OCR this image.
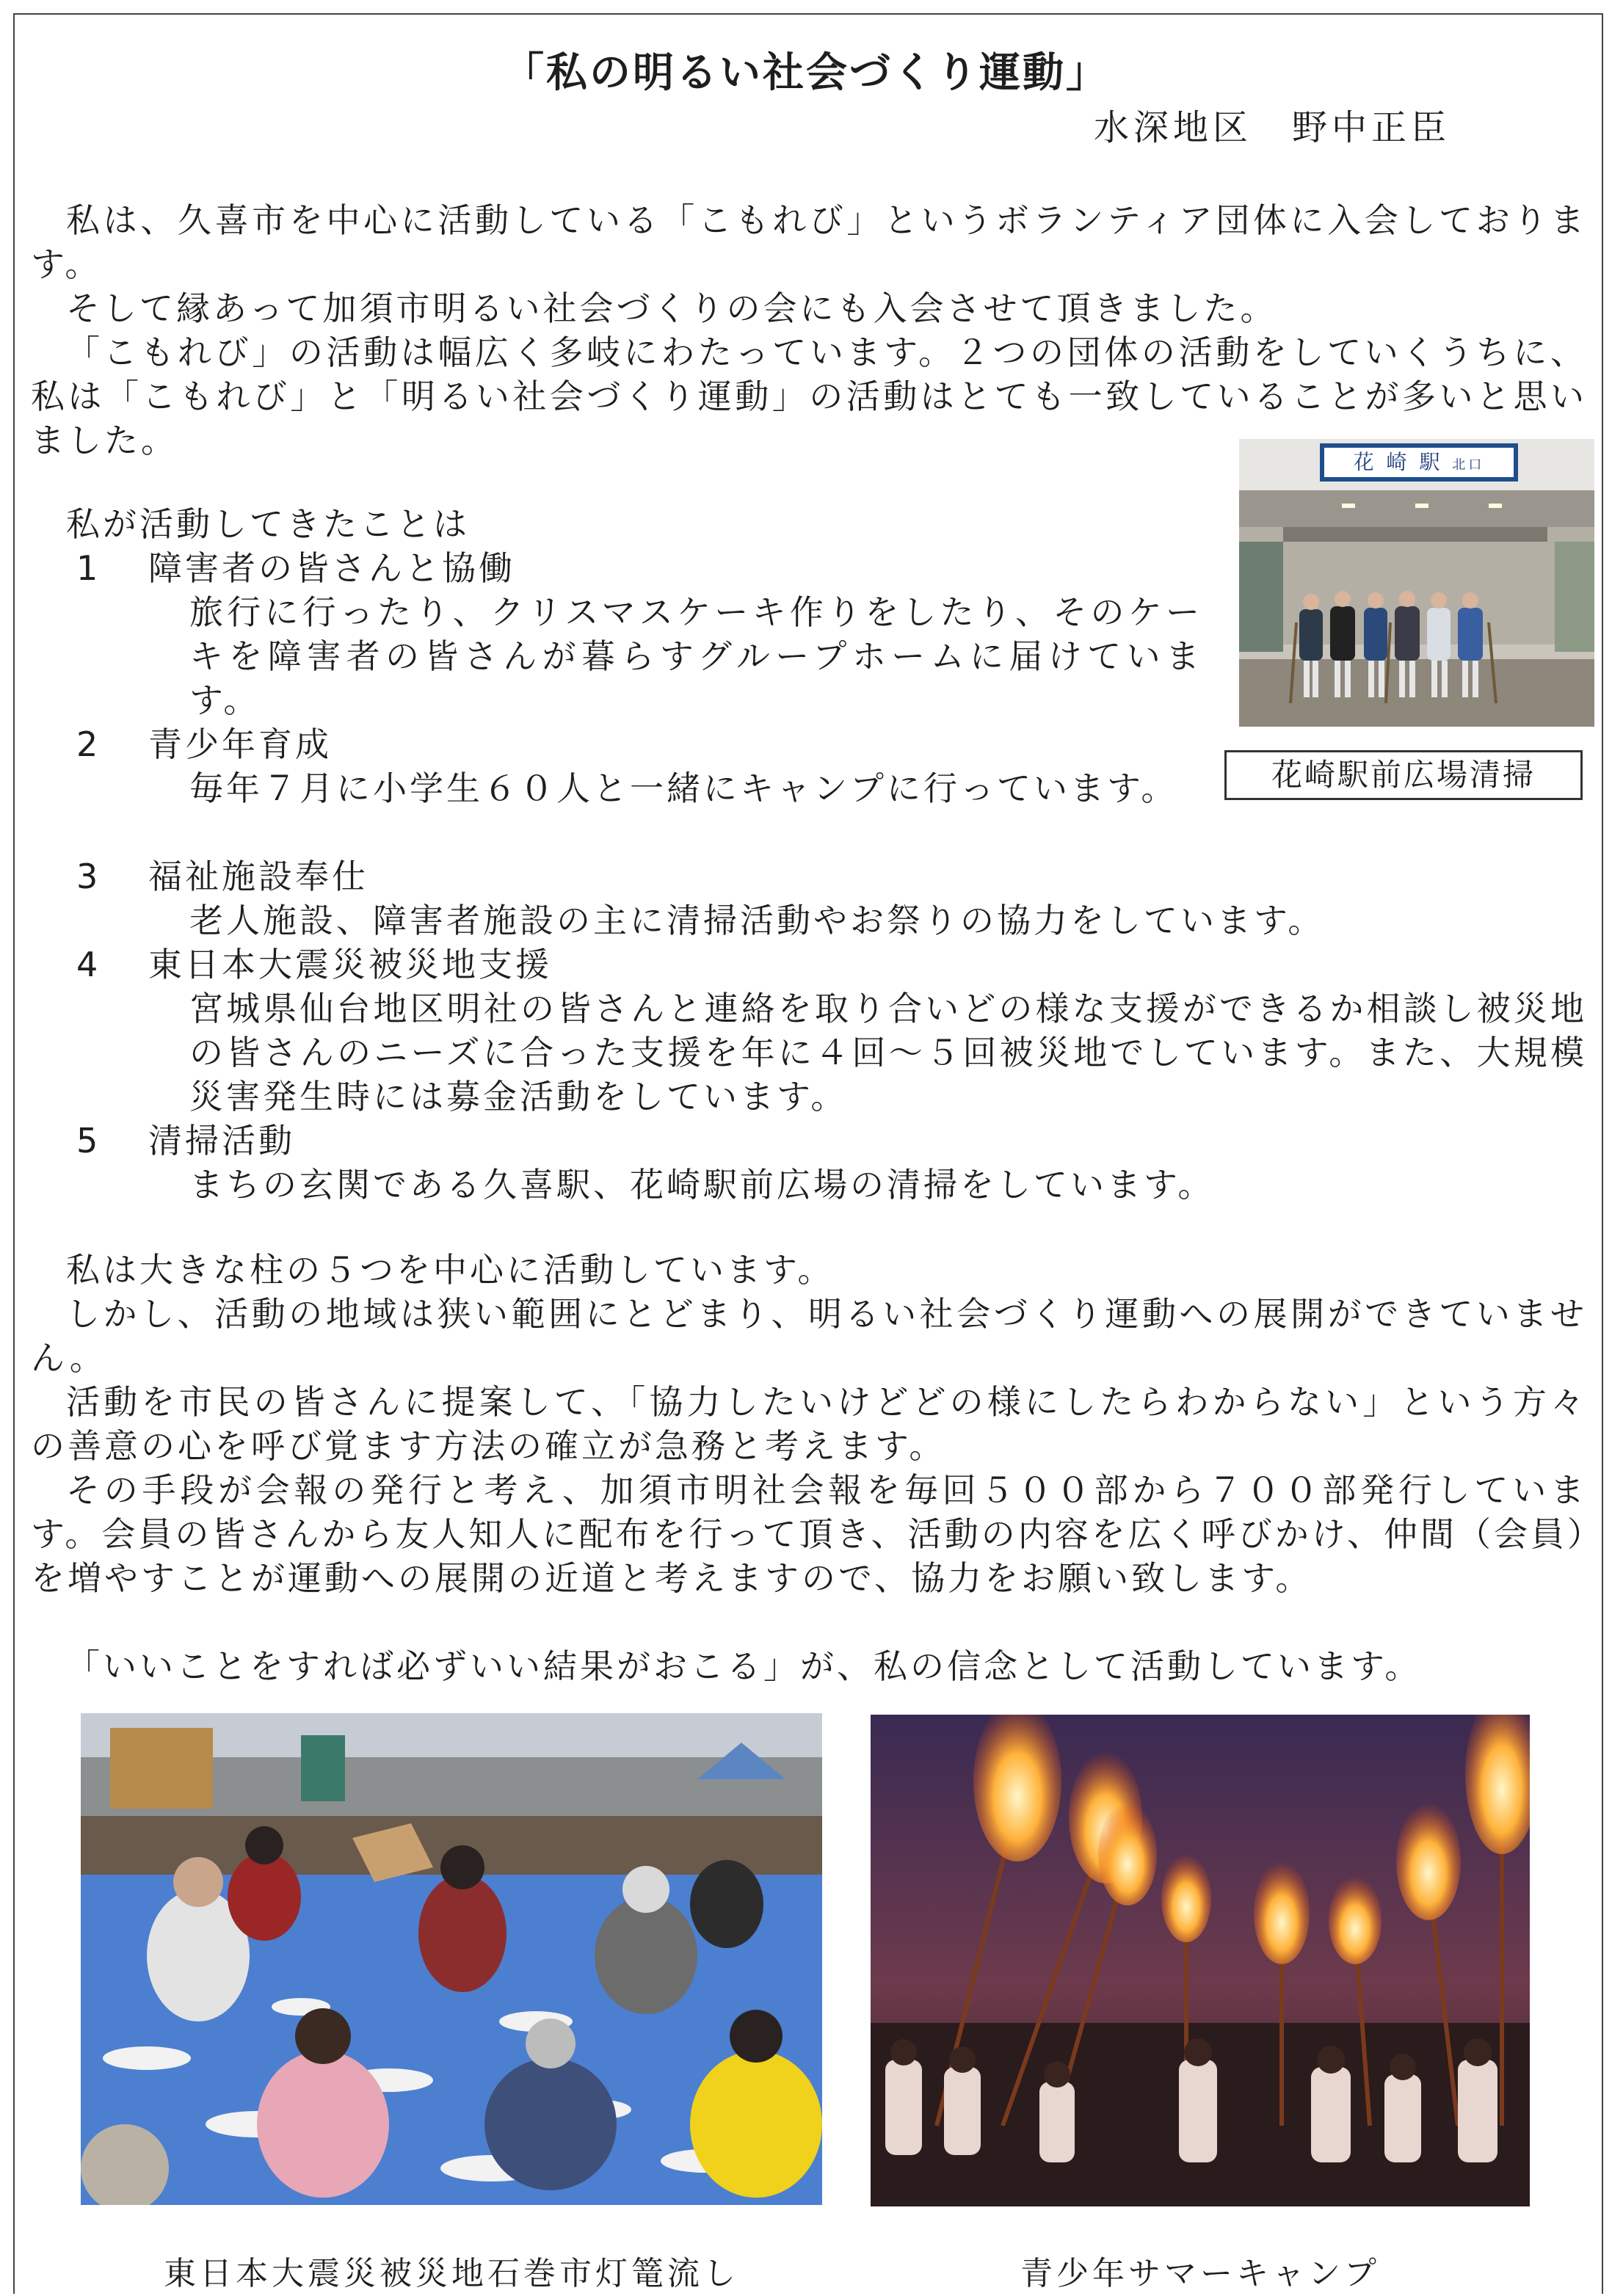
「私の明るい社会づくり運動」
水深地区　野中正臣

私は、久喜市を中心に活動している「こもれび」というボランティア団体に入会しております。

そして縁あって加須市明るい社会づくりの会にも入会させて頂きました。

「こもれび」の活動は幅広く多岐にわたっています。２つの団体の活動をしていくうちに、私は「こもれび」と「明るい社会づくり運動」の活動はとても一致していることが多いと思いました。

花 崎 駅 北口
花崎駅前広場清掃

私が活動してきたことは

1 障害者の皆さんと協働

旅行に行ったり、クリスマスケーキ作りをしたり、そのケーキを障害者の皆さんが暮らすグループホームに届けています。

2 青少年育成

毎年７月に小学生６０人と一緒にキャンプに行っています。

3 福祉施設奉仕

老人施設、障害者施設の主に清掃活動やお祭りの協力をしています。

4 東日本大震災被災地支援

宮城県仙台地区明社の皆さんと連絡を取り合いどの様な支援ができるか相談し被災地の皆さんのニーズに合った支援を年に４回～５回被災地でしています。また、大規模災害発生時には募金活動をしています。

5 清掃活動

まちの玄関である久喜駅、花崎駅前広場の清掃をしています。

私は大きな柱の５つを中心に活動しています。

しかし、活動の地域は狭い範囲にとどまり、明るい社会づくり運動への展開ができていません。

活動を市民の皆さんに提案して、「協力したいけどどの様にしたらわからない」という方々の善意の心を呼び覚ます方法の確立が急務と考えます。

その手段が会報の発行と考え、加須市明社会報を毎回５００部から７００部発行しています。会員の皆さんから友人知人に配布を行って頂き、活動の内容を広く呼びかけ、仲間（会員）を増やすことが運動への展開の近道と考えますので、協力をお願い致します。

「いいことをすれば必ずいい結果がおこる」が、私の信念として活動しています。

東日本大震災被災地石巻市灯篭流し	青少年サマーキャンプ
